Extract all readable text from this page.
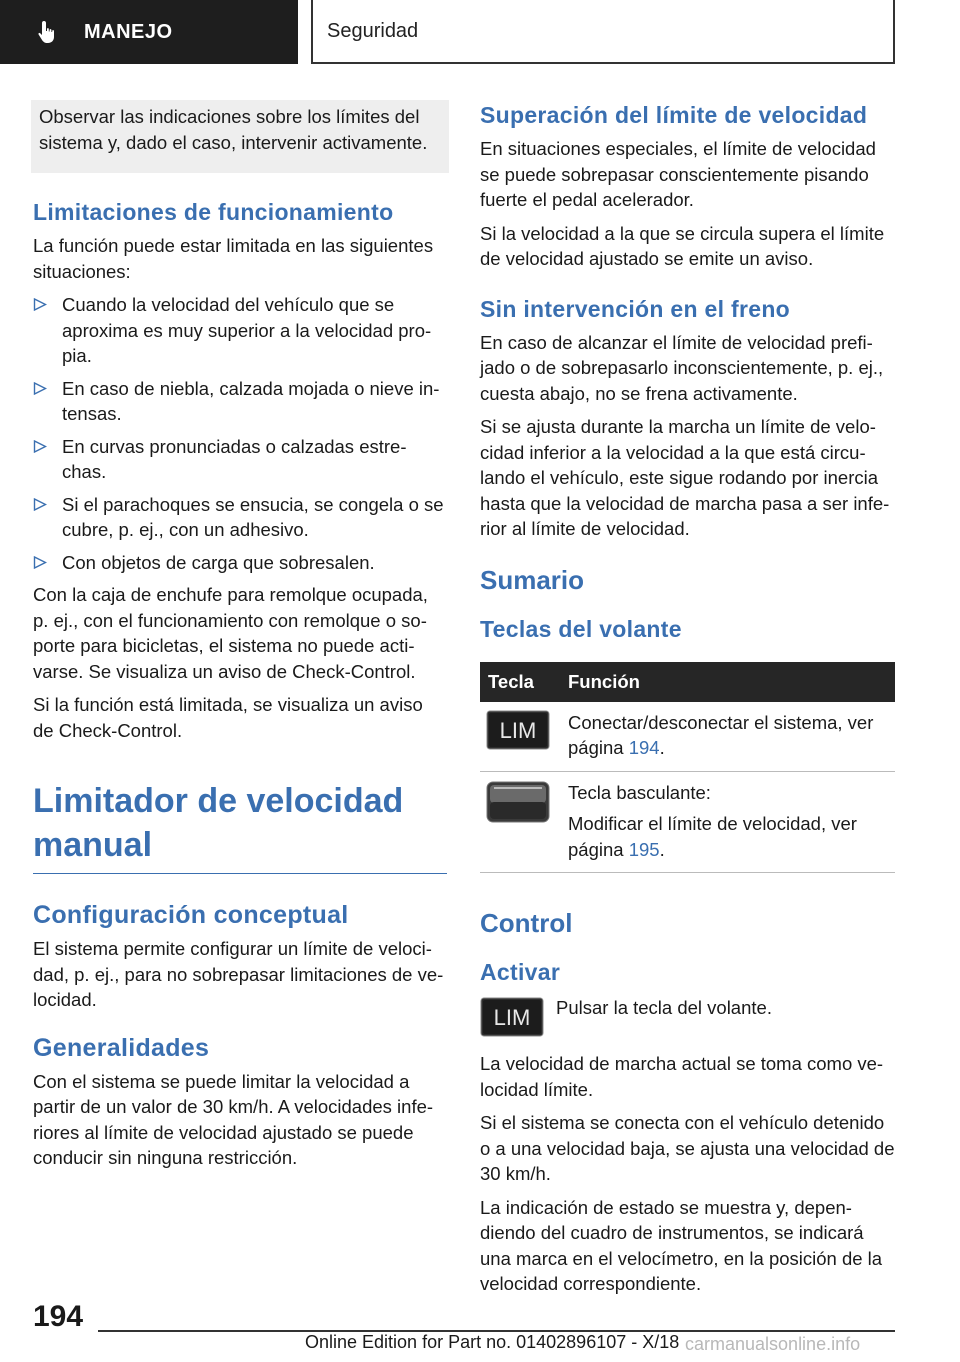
MANEJO	Seguridad

Observar las indicaciones sobre los límites del sistema y, dado el caso, intervenir activamente.

Limitaciones de funcionamiento

La función puede estar limitada en las siguientes situaciones:

Cuando la velocidad del vehículo que se aproxima es muy superior a la velocidad pro-pia.
En caso de niebla, calzada mojada o nieve in-tensas.
En curvas pronunciadas o calzadas estre-chas.
Si el parachoques se ensucia, se congela o se cubre, p. ej., con un adhesivo.
Con objetos de carga que sobresalen.

Con la caja de enchufe para remolque ocupada, p. ej., con el funcionamiento con remolque o so-porte para bicicletas, el sistema no puede acti-varse. Se visualiza un aviso de Check-Control.

Si la función está limitada, se visualiza un aviso de Check-Control.

Limitador de velocidad manual
Configuración conceptual

El sistema permite configurar un límite de veloci-dad, p. ej., para no sobrepasar limitaciones de ve-locidad.

Generalidades

Con el sistema se puede limitar la velocidad a partir de un valor de 30 km/h. A velocidades infe-riores al límite de velocidad ajustado se puede conducir sin ninguna restricción.

Superación del límite de velocidad

En situaciones especiales, el límite de velocidad se puede sobrepasar conscientemente pisando fuerte el pedal acelerador.

Si la velocidad a la que se circula supera el límite de velocidad ajustado se emite un aviso.

Sin intervención en el freno

En caso de alcanzar el límite de velocidad prefi-jado o de sobrepasarlo inconscientemente, p. ej., cuesta abajo, no se frena activamente.

Si se ajusta durante la marcha un límite de velo-cidad inferior a la velocidad a la que está circu-lando el vehículo, este sigue rodando por inercia hasta que la velocidad de marcha pasa a ser infe-rior al límite de velocidad.

Sumario
Teclas del volante
Tecla	Función

LIM	Conectar/desconectar el sistema, ver página 194.

Tecla basculante:

Modificar el límite de velocidad, ver página 195.
Control
Activar
LIM Pulsar la tecla del volante.

La velocidad de marcha actual se toma como ve-locidad límite.

Si el sistema se conecta con el vehículo detenido o a una velocidad baja, se ajusta una velocidad de 30 km/h.

La indicación de estado se muestra y, depen-diendo del cuadro de instrumentos, se indicará una marca en el velocímetro, en la posición de la velocidad correspondiente.

194
Online Edition for Part no. 01402896107 - X/18 carmanualsonline.info
